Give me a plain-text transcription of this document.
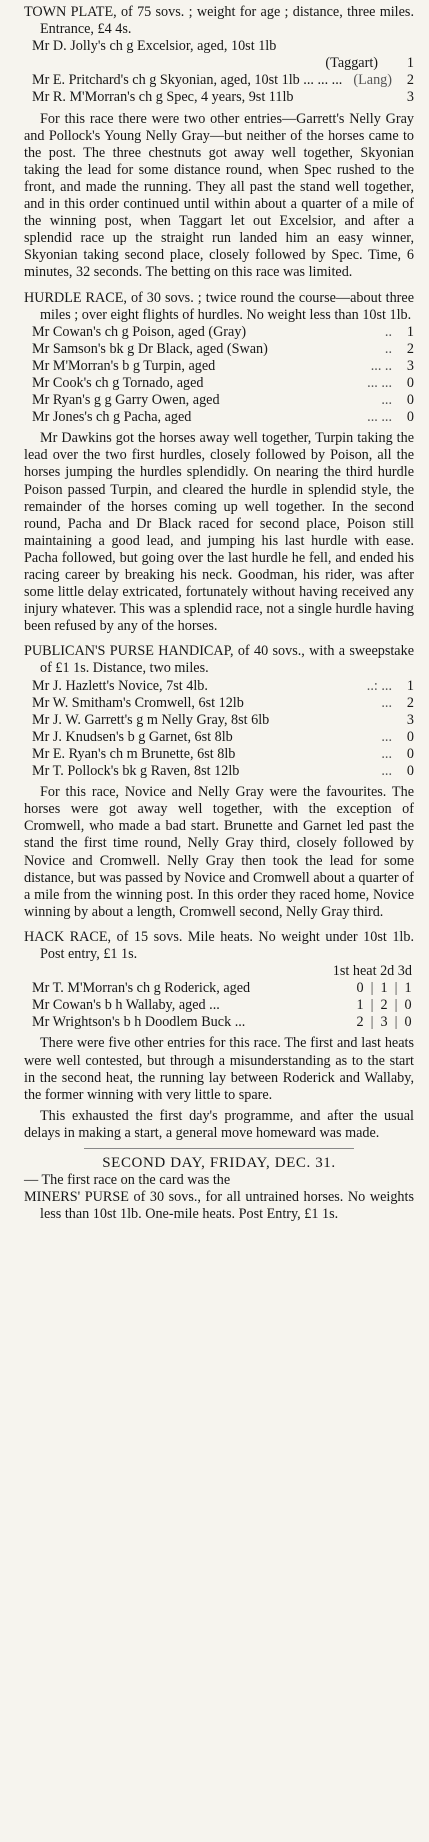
TOWN PLATE, of 75 sovs. ; weight for age ; distance, three miles. Entrance, £4 4s.

Mr D. Jolly's ch g Excelsior, aged, 10st 1lb

(Taggart)	1

Mr E. Pritchard's ch g Skyonian, aged, 10st 1lb ... ... ... (Lang)	2

Mr R. M'Morran's ch g Spec, 4 years, 9st 11lb	3

For this race there were two other entries—Garrett's Nelly Gray and Pollock's Young Nelly Gray—but neither of the horses came to the post. The three chestnuts got away well together, Skyonian taking the lead for some distance round, when Spec rushed to the front, and made the running. They all past the stand well together, and in this order continued until within about a quarter of a mile of the winning post, when Taggart let out Excelsior, and after a splendid race up the straight run landed him an easy winner, Skyonian taking second place, closely followed by Spec. Time, 6 minutes, 32 seconds. The betting on this race was limited.

HURDLE RACE, of 30 sovs. ; twice round the course—about three miles ; over eight flights of hurdles. No weight less than 10st 1lb.

Mr Cowan's ch g Poison, aged (Gray)	..	1

Mr Samson's bk g Dr Black, aged (Swan)	..	2

Mr M'Morran's b g Turpin, aged	... ..	3

Mr Cook's ch g Tornado, aged	... ...	0

Mr Ryan's g g Garry Owen, aged	...	0

Mr Jones's ch g Pacha, aged	... ...	0

Mr Dawkins got the horses away well together, Turpin taking the lead over the two first hurdles, closely followed by Poison, all the horses jumping the hurdles splendidly. On nearing the third hurdle Poison passed Turpin, and cleared the hurdle in splendid style, the remainder of the horses coming up well together. In the second round, Pacha and Dr Black raced for second place, Poison still maintaining a good lead, and jumping his last hurdle with ease. Pacha followed, but going over the last hurdle he fell, and ended his racing career by breaking his neck. Goodman, his rider, was after some little delay extricated, fortunately without having received any injury whatever. This was a splendid race, not a single hurdle having been refused by any of the horses.

PUBLICAN'S PURSE HANDICAP, of 40 sovs., with a sweepstake of £1 1s. Distance, two miles.

Mr J. Hazlett's Novice, 7st 4lb.	..: ...	1

Mr W. Smitham's Cromwell, 6st 12lb	...	2

Mr J. W. Garrett's g m Nelly Gray, 8st 6lb	3

Mr J. Knudsen's b g Garnet, 6st 8lb	...	0

Mr E. Ryan's ch m Brunette, 6st 8lb	...	0

Mr T. Pollock's bk g Raven, 8st 12lb	...	0

For this race, Novice and Nelly Gray were the favourites. The horses were got away well together, with the exception of Cromwell, who made a bad start. Brunette and Garnet led past the stand the first time round, Nelly Gray third, closely followed by Novice and Cromwell. Nelly Gray then took the lead for some distance, but was passed by Novice and Cromwell about a quarter of a mile from the winning post. In this order they raced home, Novice winning by about a length, Cromwell second, Nelly Gray third.

HACK RACE, of 15 sovs. Mile heats. No weight under 10st 1lb. Post entry, £1 1s.

1st heat 2d 3d

Mr T. M'Morran's ch g Roderick, aged	0 | 1 | 1
Mr Cowan's b h Wallaby, aged ...	1 | 2 | 0
Mr Wrightson's b h Doodlem Buck ...	2 | 3 | 0

There were five other entries for this race. The first and last heats were well contested, but through a misunderstanding as to the start in the second heat, the running lay between Roderick and Wallaby, the former winning with very little to spare.

This exhausted the first day's programme, and after the usual delays in making a start, a general move homeward was made.

SECOND DAY, FRIDAY, DEC. 31.

— The first race on the card was the

MINERS' PURSE of 30 sovs., for all untrained horses. No weights less than 10st 1lb. One-mile heats. Post Entry, £1 1s.
